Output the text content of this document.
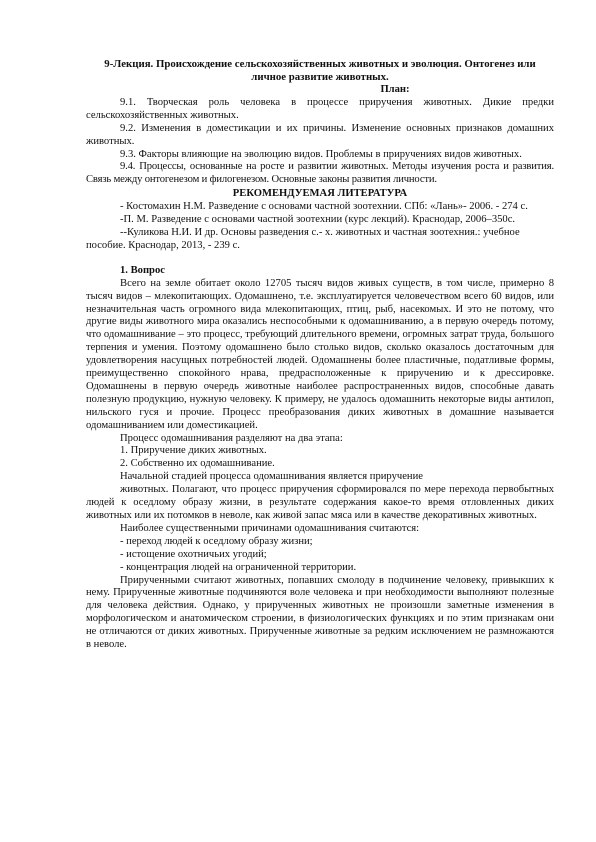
9-Лекция. Происхождение сельскохозяйственных животных и эволюция. Онтогенез или личное развитие животных.
План:

9.1. Творческая роль человека в процессе приручения животных. Дикие предки сельскохозяйственных животных.

9.2. Изменения в доместикации и их причины. Изменение основных признаков домашних животных.

9.3. Факторы влияющие на эволюцию видов. Проблемы в приручениях видов животных.

9.4. Процессы, основанные на росте и развитии животных. Методы изучения роста и развития. Связь между онтогенезом и филогенезом. Основные законы развития личности.

РЕКОМЕНДУЕМАЯ ЛИТЕРАТУРА

- Костомахин Н.М. Разведение с основами частной зоотехнии. СПб: «Лань»- 2006. - 274 с.

-П. М. Разведение с основами частной зоотехнии (курс лекций). Краснодар, 2006–350с.

--Куликова Н.И. И др. Основы разведения с.- х. животных и частная зоотехния.: учебное пособие. Краснодар, 2013, - 239 с.

1. Вопрос

Всего на земле обитает около 12705 тысяч видов живых существ, в том числе, примерно 8 тысяч видов – млекопитающих. Одомашнено, т.е. эксплуатируется человечеством всего 60 видов, или незначительная часть огромного вида млекопитающих, птиц, рыб, насекомых. И это не потому, что другие виды животного мира оказались неспособными к одомашниванию, а в первую очередь потому, что одомашнивание – это процесс, требующий длительного времени, огромных затрат труда, большого терпения и умения. Поэтому одомашнено было столько видов, сколько оказалось достаточным для удовлетворения насущных потребностей людей. Одомашнены более пластичные, податливые формы, преимущественно спокойного нрава, предрасположенные к приручению и к дрессировке. Одомашнены в первую очередь животные наиболее распространенных видов, способные давать полезную продукцию, нужную человеку. К примеру, не удалось одомашнить некоторые виды антилоп, нильского гуся и прочие. Процесс преобразования диких животных в домашние называется одомашниванием или доместикацией.

Процесс одомашнивания разделяют на два этапа:

1. Приручение диких животных.

2. Собственно их одомашнивание.

Начальной стадией процесса одомашнивания является приручение

животных. Полагают, что процесс приручения сформировался по мере перехода первобытных людей к оседлому образу жизни, в результате содержания какое-то время отловленных диких животных или их потомков в неволе, как живой запас мяса или в качестве декоративных животных.

Наиболее существенными причинами одомашнивания считаются:

- переход людей к оседлому образу жизни;

- истощение охотничьих угодий;

- концентрация людей на ограниченной территории.

Прирученными считают животных, попавших смолоду в подчинение человеку, привыкших к нему. Прирученные животные подчиняются воле человека и при необходимости выполняют полезные для человека действия. Однако, у прирученных животных не произошли заметные изменения в морфологическом и анатомическом строении, в физиологических функциях и по этим признакам они не отличаются от диких животных. Прирученные животные за редким исключением не размножаются в неволе.
